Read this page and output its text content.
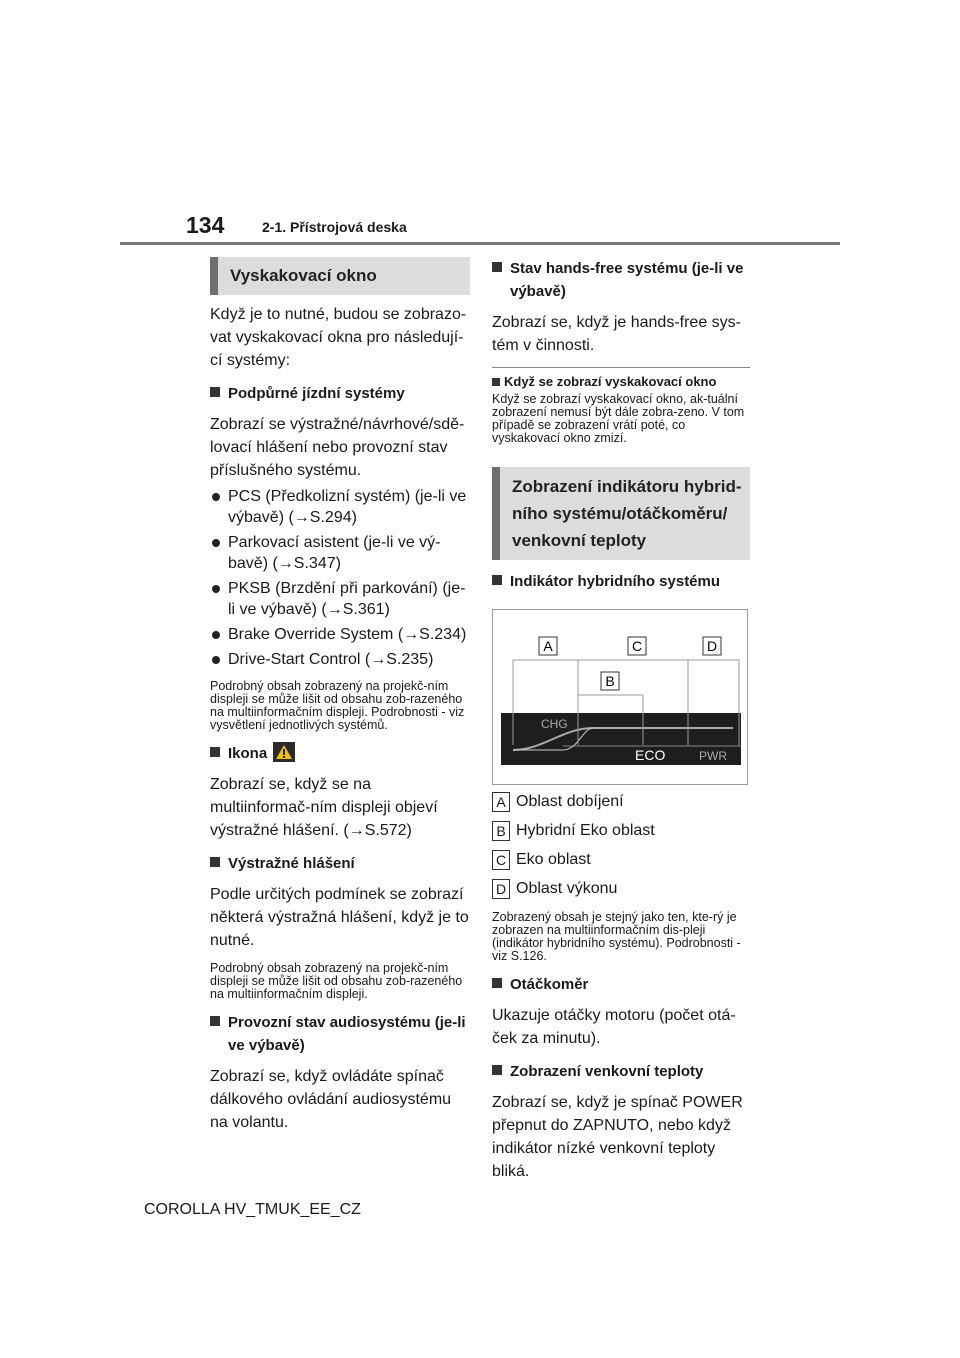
134	2-1. Přístrojová deska
Vyskakovací okno

Když je to nutné, budou se zobrazo-vat vyskakovací okna pro následují-cí systémy:

Podpůrné jízdní systémy

Zobrazí se výstražné/návrhové/sdě-lovací hlášení nebo provozní stav příslušného systému.

PCS (Předkolizní systém) (je-li ve výbavě) (→S.294)
Parkovací asistent (je-li ve vý-bavě) (→S.347)
PKSB (Brzdění při parkování) (je-li ve výbavě) (→S.361)
Brake Override System (→S.234)
Drive-Start Control (→S.235)

Podrobný obsah zobrazený na projekč-ním displeji se může lišit od obsahu zob-razeného na multiinformačním displeji. Podrobnosti - viz vysvětlení jednotlivých systémů.

Ikona

Zobrazí se, když se na multiinformač-ním displeji objeví výstražné hlášení. (→S.572)

Výstražné hlášení

Podle určitých podmínek se zobrazí některá výstražná hlášení, když je to nutné.

Podrobný obsah zobrazený na projekč-ním displeji se může lišit od obsahu zob-razeného na multiinformačním displeji.

Provozní stav audiosystému (je-li ve výbavě)

Zobrazí se, když ovládáte spínač dálkového ovládání audiosystému na volantu.

Stav hands-free systému (je-li ve výbavě)

Zobrazí se, když je hands-free sys-tém v činnosti.

Když se zobrazí vyskakovací okno

Když se zobrazí vyskakovací okno, ak-tuální zobrazení nemusí být dále zobra-zeno. V tom případě se zobrazení vrátí poté, co vyskakovací okno zmizí.

Zobrazení indikátoru hybrid-ního systému/otáčkoměru/ venkovní teploty

Indikátor hybridního systému

A	C	D
B
CHG
ECO	PWR
A Oblast dobíjení
B Hybridní Eko oblast
C Eko oblast
D Oblast výkonu

Zobrazený obsah je stejný jako ten, kte-rý je zobrazen na multiinformačním dis-pleji (indikátor hybridního systému). Podrobnosti - viz S.126.

Otáčkoměr

Ukazuje otáčky motoru (počet otá-ček za minutu).

Zobrazení venkovní teploty

Zobrazí se, když je spínač POWER přepnut do ZAPNUTO, nebo když indikátor nízké venkovní teploty bliká.

COROLLA HV_TMUK_EE_CZ
